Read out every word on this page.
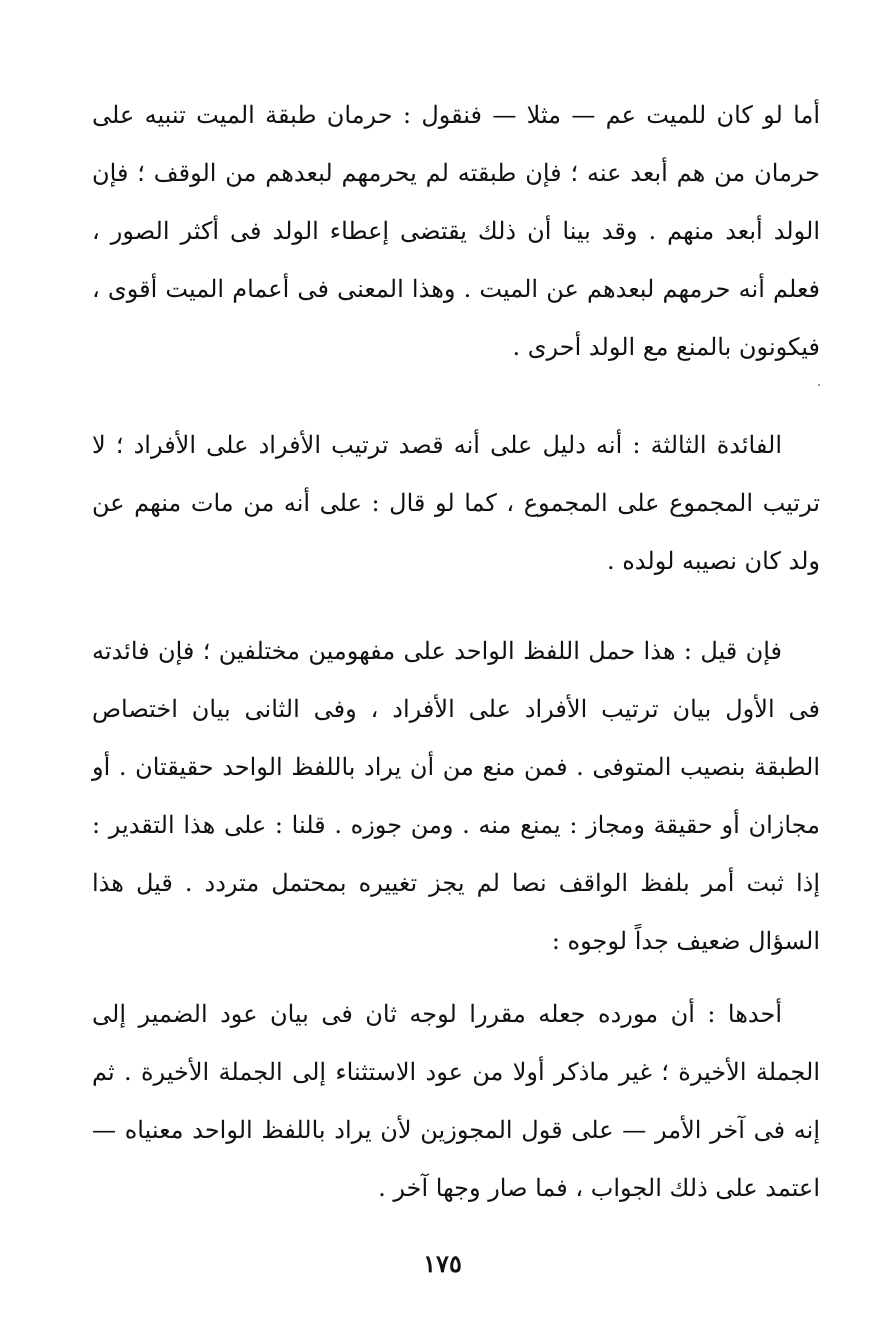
أما لو كان للميت عم — مثلا — فنقول : حرمان طبقة الميت تنبيه على حرمان من هم أبعد عنه ؛ فإن طبقته لم يحرمهم لبعدهم من الوقف ؛ فإن الولد أبعد منهم . وقد بينا أن ذلك يقتضى إعطاء الولد فى أكثر الصور ، فعلم أنه حرمهم لبعدهم عن الميت . وهذا المعنى فى أعمام الميت أقوى ، فيكونون بالمنع مع الولد أحرى .

الفائدة الثالثة : أنه دليل على أنه قصد ترتيب الأفراد على الأفراد ؛ لا ترتيب المجموع على المجموع ، كما لو قال : على أنه من مات منهم عن ولد كان نصيبه لولده .

فإن قيل : هذا حمل اللفظ الواحد على مفهومين مختلفين ؛ فإن فائدته فى الأول بيان ترتيب الأفراد على الأفراد ، وفى الثانى بيان اختصاص الطبقة بنصيب المتوفى . فمن منع من أن يراد باللفظ الواحد حقيقتان . أو مجازان أو حقيقة ومجاز : يمنع منه . ومن جوزه . قلنا : على هذا التقدير : إذا ثبت أمر بلفظ الواقف نصا لم يجز تغييره بمحتمل متردد . قيل هذا السؤال ضعيف جداً لوجوه :

أحدها : أن مورده جعله مقررا لوجه ثان فى بيان عود الضمير إلى الجملة الأخيرة ؛ غير ماذكر أولا من عود الاستثناء إلى الجملة الأخيرة . ثم إنه فى آخر الأمر — على قول المجوزين لأن يراد باللفظ الواحد معنياه — اعتمد على ذلك الجواب ، فما صار وجها آخر .

١٧٥
